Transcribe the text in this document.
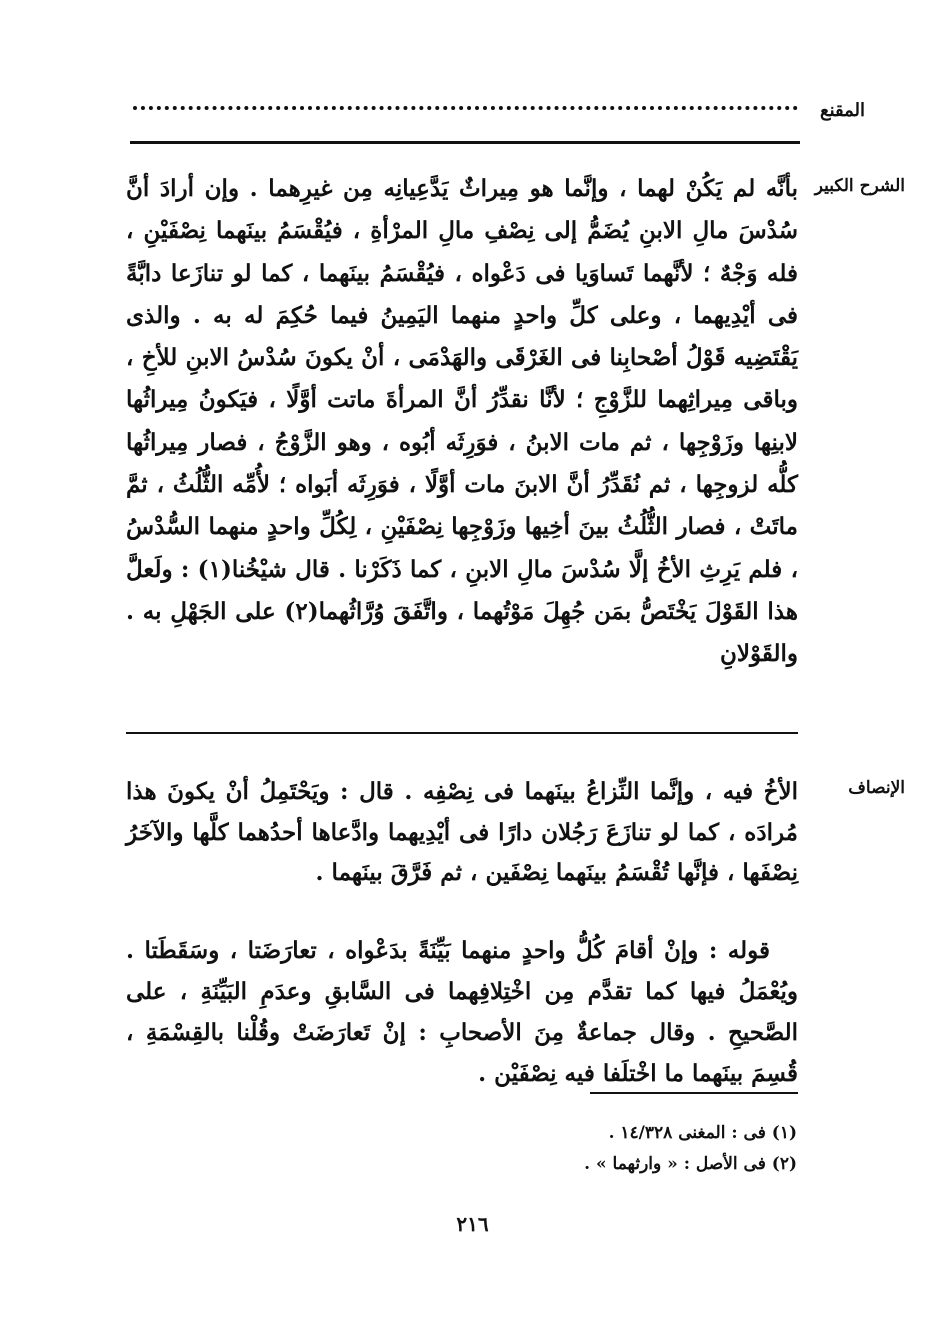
المقنع
الشرح الكبير

بأنَّه لم يَكُنْ لهما ، وإنَّما هو مِيراثٌ يَدَّعِيانِه مِن غيرِهما . وإن أرادَ أنَّ سُدْسَ مالِ الابنِ يُضَمُّ إلى نِصْفِ مالِ المرْأةِ ، فيُقْسَمُ بينَهما نِصْفَيْنِ ، فله وَجْهٌ ؛ لأنَّهما تَساوَيا فى دَعْواه ، فيُقْسَمُ بينَهما ، كما لو تنازَعا دابَّةً فى أيْدِيهما ، وعلى كلِّ واحدٍ منهما اليَمِينُ فيما حُكِمَ له به . والذى يَقْتَضِيه قَوْلُ أصْحابِنا فى الغَرْقَى والهَدْمَى ، أنْ يكونَ سُدْسُ الابنِ للأخِ ، وباقى مِيراثِهما للزَّوْجِ ؛ لأنَّا نقدِّرُ أنَّ المرأةَ ماتت أوَّلًا ، فيَكونُ مِيراثُها لابنِها وزَوْجِها ، ثم مات الابنُ ، فوَرِثَه أبُوه ، وهو الزَّوْجُ ، فصار مِيراثُها كلُّه لزوجِها ، ثم نُقَدِّرُ أنَّ الابنَ مات أوَّلًا ، فوَرِثَه أبَواه ؛ لأُمِّه الثُّلُثُ ، ثمَّ ماتَتْ ، فصار الثُّلُثُ بينَ أخِيها وزَوْجِها نِصْفَيْنِ ، لِكُلِّ واحدٍ منهما السُّدْسُ ، فلم يَرِثِ الأخُ إلَّا سُدْسَ مالِ الابنِ ، كما ذَكَرْنا . قال شيْخُنا(١) : ولَعلَّ هذا القَوْلَ يَخْتَصُّ بمَن جُهِلَ مَوْتُهما ، واتَّفَقَ وُرَّاثُهما(٢) على الجَهْلِ به . والقَوْلانِ

الإنصاف

الأخُ فيه ، وإنَّما النِّزاعُ بينَهما فى نِصْفِه . قال : ويَحْتَمِلُ أنْ يكونَ هذا مُرادَه ، كما لو تنازَعَ رَجُلان دارًا فى أيْدِيهما وادَّعاها أحدُهما كلَّها والآخَرُ نِصْفَها ، فإنَّها تُقْسَمُ بينَهما نِصْفَين ، ثم فَرَّقَ بينَهما .

قوله : وإنْ أقامَ كُلُّ واحدٍ منهما بَيِّنَةً بدَعْواه ، تعارَضَتا ، وسَقَطَتا . ويُعْمَلُ فيها كما تقدَّم مِن اخْتِلافِهما فى السَّابقِ وعدَمِ البَيِّنَةِ ، على الصَّحيحِ . وقال جماعةٌ مِنَ الأصحابِ : إنْ تَعارَضَتْ وقُلْنا بالقِسْمَةِ ، قُسِمَ بينَهما ما اخْتلَفا فيه نِصْفَيْن .

(١) فى : المغنى ١٤/٣٢٨ .

(٢) فى الأصل : « وارثهما » .

٢١٦
